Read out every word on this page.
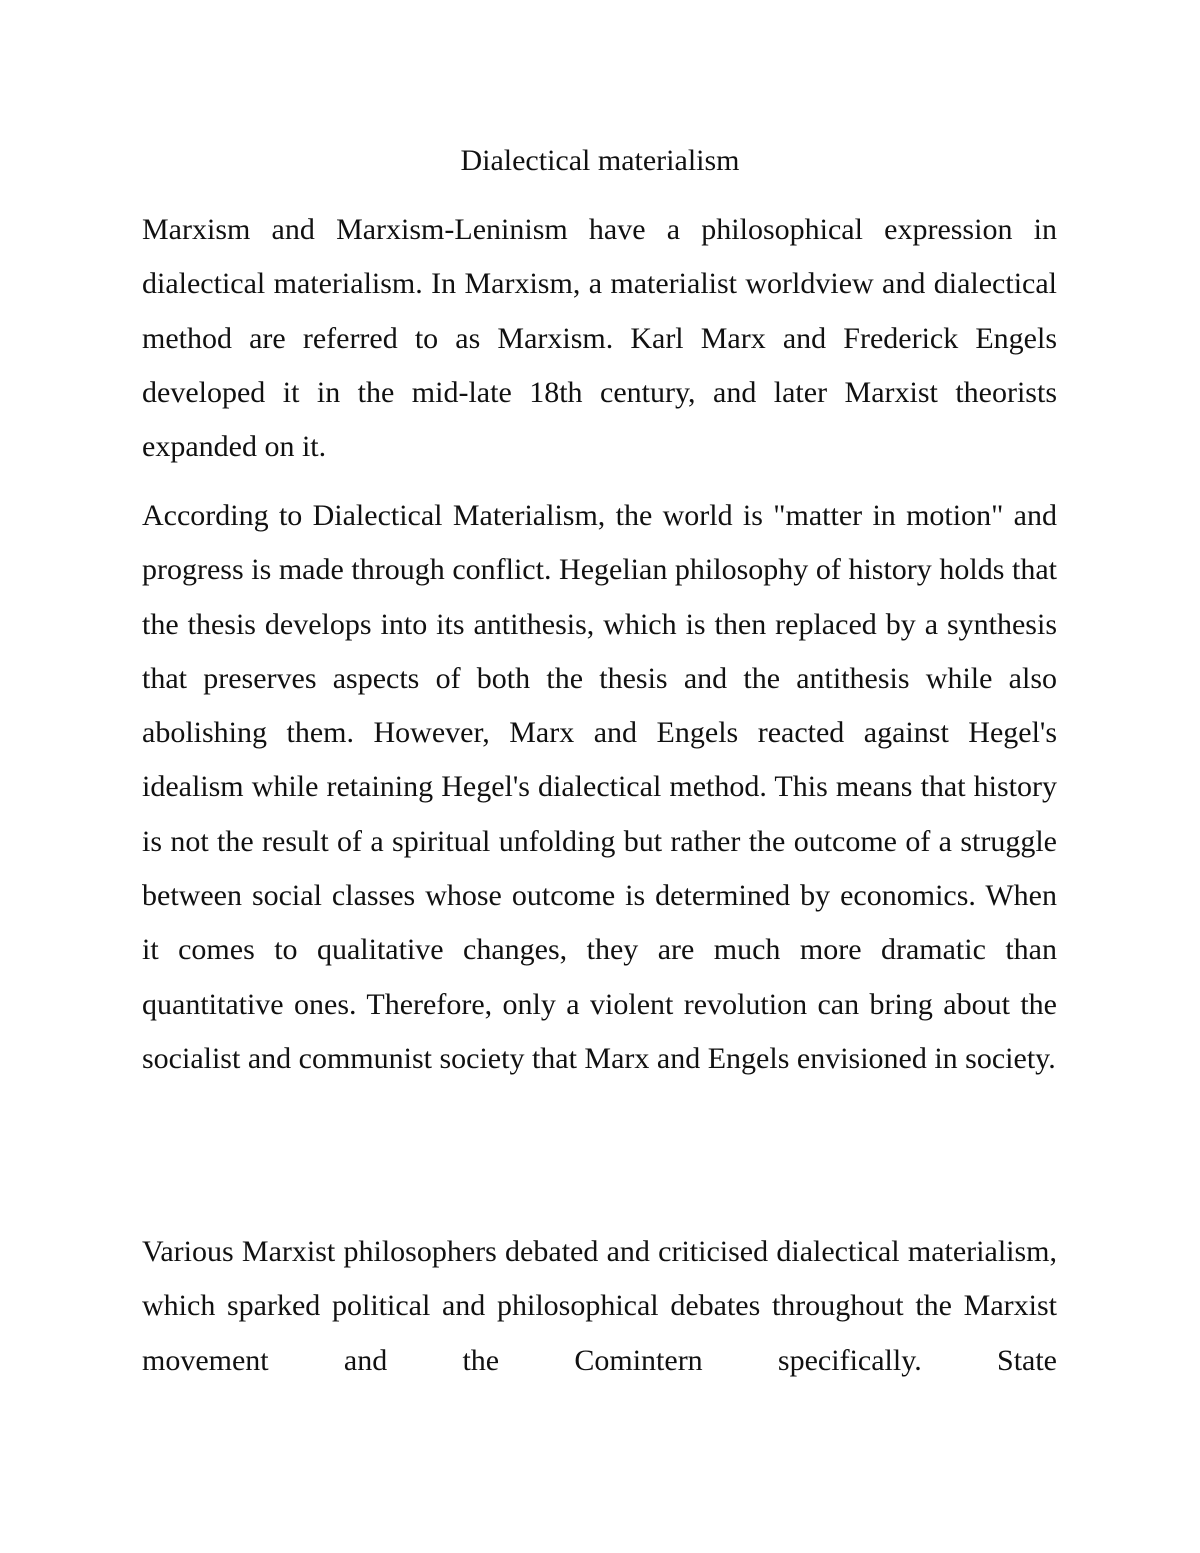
Dialectical materialism

Marxism and Marxism-Leninism have a philosophical expression in dialectical materialism. In Marxism, a materialist worldview and dialectical method are referred to as Marxism. Karl Marx and Frederick Engels developed it in the mid-late 18th century, and later Marxist theorists expanded on it.

According to Dialectical Materialism, the world is "matter in motion" and progress is made through conflict. Hegelian philosophy of history holds that the thesis develops into its antithesis, which is then replaced by a synthesis that preserves aspects of both the thesis and the antithesis while also abolishing them. However, Marx and Engels reacted against Hegel's idealism while retaining Hegel's dialectical method. This means that history is not the result of a spiritual unfolding but rather the outcome of a struggle between social classes whose outcome is determined by economics. When it comes to qualitative changes, they are much more dramatic than quantitative ones. Therefore, only a violent revolution can bring about the socialist and communist society that Marx and Engels envisioned in society.

Various Marxist philosophers debated and criticised dialectical materialism, which sparked political and philosophical debates throughout the Marxist movement and the Comintern specifically. State
